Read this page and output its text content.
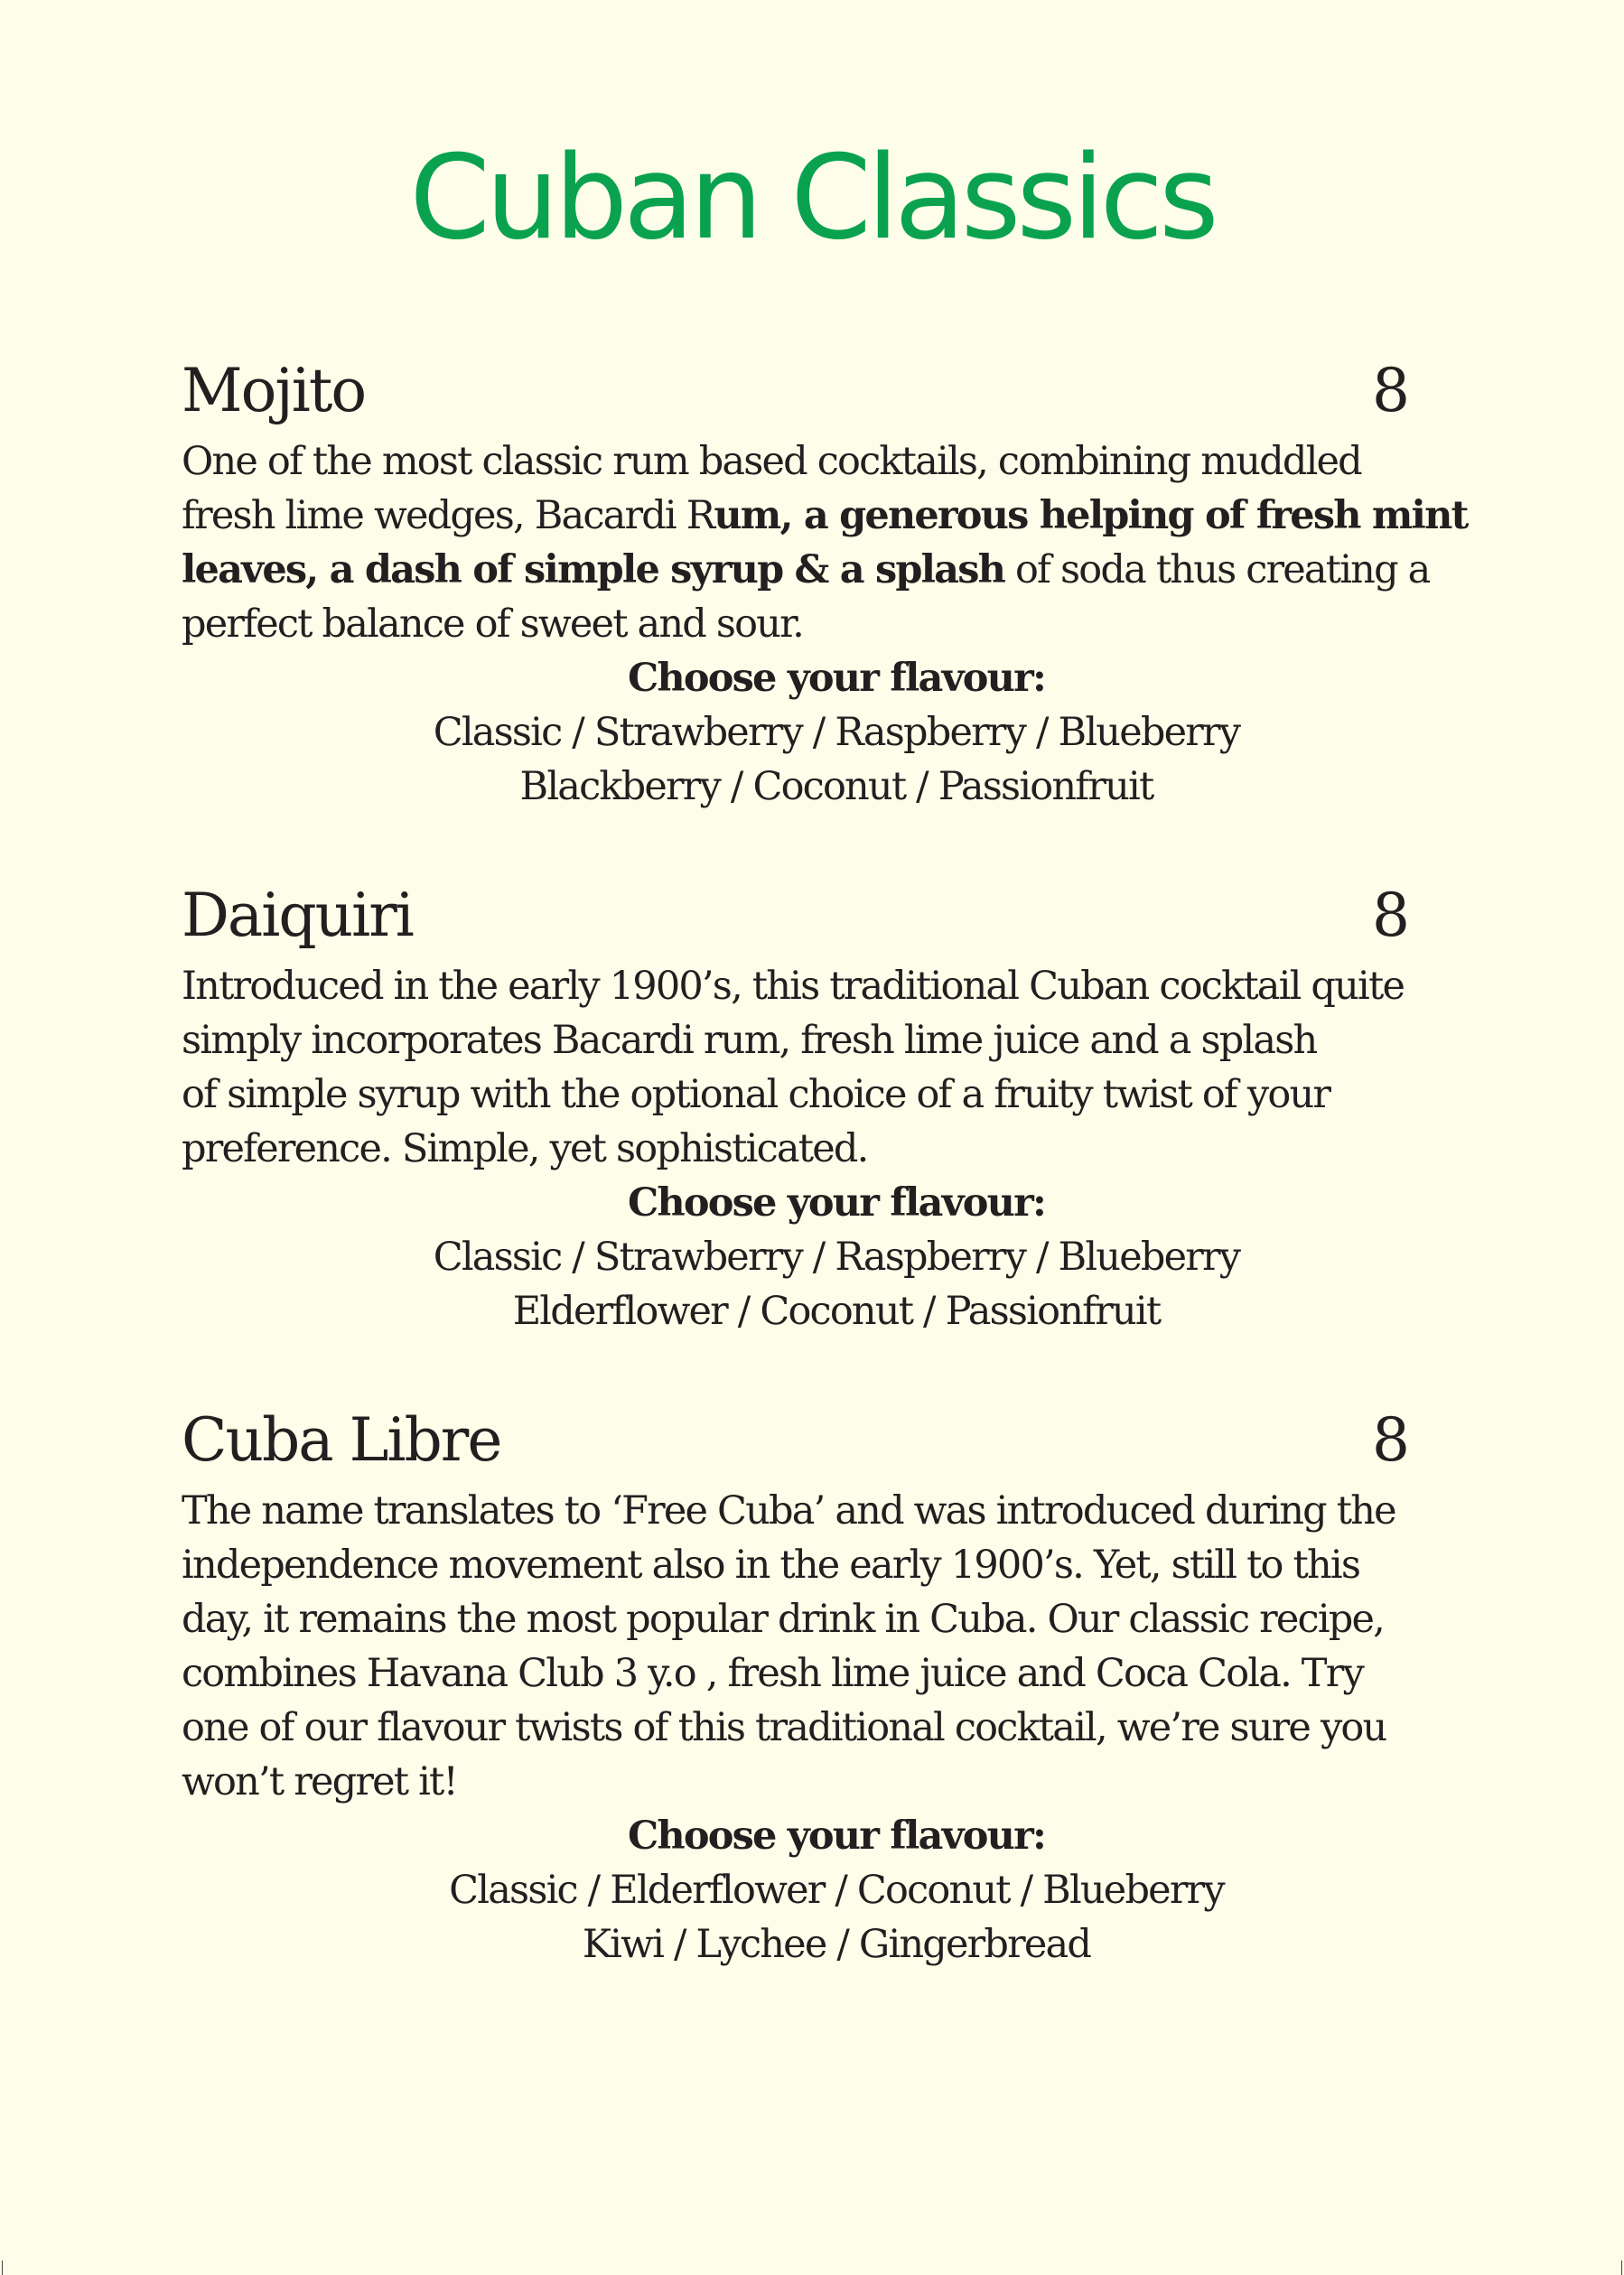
Cuban Classics
Mojito	8

One of the most classic rum based cocktails, combining muddled
fresh lime wedges, Bacardi Rum, a generous helping of fresh mint
leaves, a dash of simple syrup & a splash of soda thus creating a
perfect balance of sweet and sour.

Choose your flavour:

Classic / Strawberry / Raspberry / Blueberry

Blackberry / Coconut / Passionfruit

Daiquiri	8

Introduced in the early 1900’s, this traditional Cuban cocktail quite
simply incorporates Bacardi rum, fresh lime juice and a splash
of simple syrup with the optional choice of a fruity twist of your
preference. Simple, yet sophisticated.

Choose your flavour:

Classic / Strawberry / Raspberry / Blueberry

Elderflower / Coconut / Passionfruit

Cuba Libre	8

The name translates to ‘Free Cuba’ and was introduced during the
independence movement also in the early 1900’s. Yet, still to this
day, it remains the most popular drink in Cuba. Our classic recipe,
combines Havana Club 3 y.o , fresh lime juice and Coca Cola. Try
one of our flavour twists of this traditional cocktail, we’re sure you
won’t regret it!

Choose your flavour:

Classic / Elderflower / Coconut / Blueberry

Kiwi / Lychee / Gingerbread
